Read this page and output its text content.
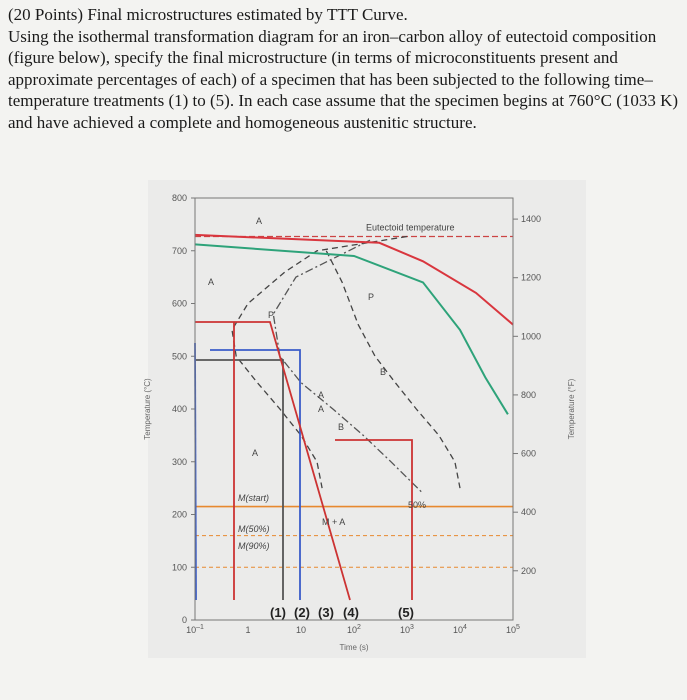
(20 Points) Final microstructures estimated by TTT Curve.

Using the isothermal transformation diagram for an iron–carbon alloy of eutectoid composition (figure below), specify the final microstructure (in terms of microconstituents present and approximate percentages of each) of a specimen that has been subjected to the following time–temperature treatments (1) to (5). In each case assume that the specimen begins at 760°C (1033 K) and have achieved a complete and homogeneous austenitic structure.

0
100
200
300
400
500
600
700
800
200
400
600
800
1000
1200
1400
$10^{-1}$	1	10	$10^2$	$10^3$	$10^4$	$10^5$
Time (s)
Temperature (°C)	Temperature (°F)
Eutectoid temperature
A
A
A
P
P
A
B
A
B
50%
M + A
M(start)
M(50%)
M(90%)
(1) (2) (3) (4)	(5)
